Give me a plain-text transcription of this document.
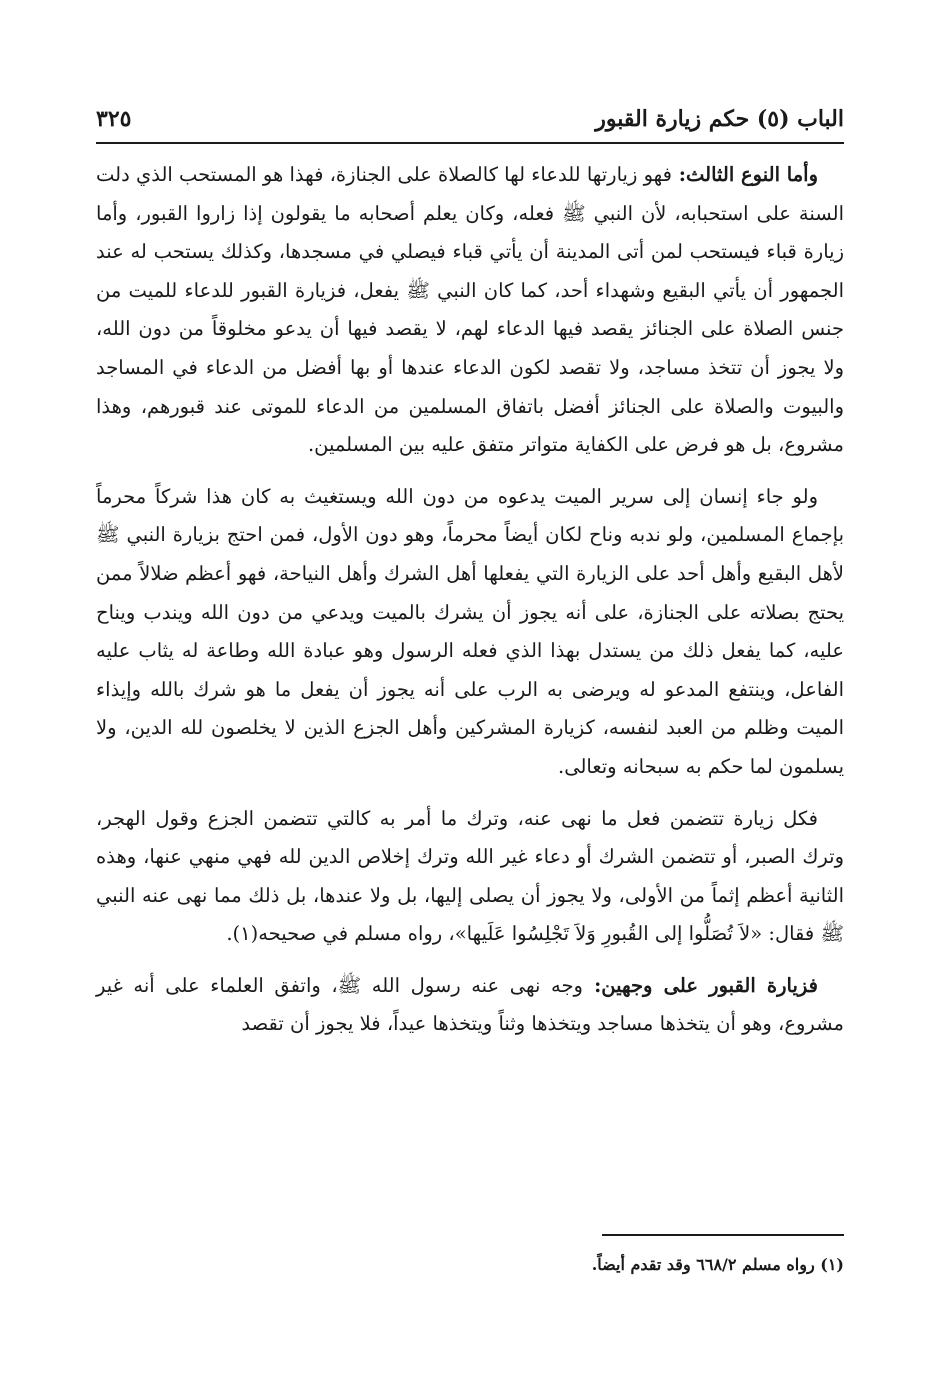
الباب (٥) حكم زيارة القبور
٣٢٥

وأما النوع الثالث: فهو زيارتها للدعاء لها كالصلاة على الجنازة، فهذا هو المستحب الذي دلت السنة على استحبابه، لأن النبي ﷺ فعله، وكان يعلم أصحابه ما يقولون إذا زاروا القبور، وأما زيارة قباء فيستحب لمن أتى المدينة أن يأتي قباء فيصلي في مسجدها، وكذلك يستحب له عند الجمهور أن يأتي البقيع وشهداء أحد، كما كان النبي ﷺ يفعل، فزيارة القبور للدعاء للميت من جنس الصلاة على الجنائز يقصد فيها الدعاء لهم، لا يقصد فيها أن يدعو مخلوقاً من دون الله، ولا يجوز أن تتخذ مساجد، ولا تقصد لكون الدعاء عندها أو بها أفضل من الدعاء في المساجد والبيوت والصلاة على الجنائز أفضل باتفاق المسلمين من الدعاء للموتى عند قبورهم، وهذا مشروع، بل هو فرض على الكفاية متواتر متفق عليه بين المسلمين.

ولو جاء إنسان إلى سرير الميت يدعوه من دون الله ويستغيث به كان هذا شركاً محرماً بإجماع المسلمين، ولو ندبه وناح لكان أيضاً محرماً، وهو دون الأول، فمن احتج بزيارة النبي ﷺ لأهل البقيع وأهل أحد على الزيارة التي يفعلها أهل الشرك وأهل النياحة، فهو أعظم ضلالاً ممن يحتج بصلاته على الجنازة، على أنه يجوز أن يشرك بالميت ويدعي من دون الله ويندب ويناح عليه، كما يفعل ذلك من يستدل بهذا الذي فعله الرسول وهو عبادة الله وطاعة له يثاب عليه الفاعل، وينتفع المدعو له ويرضى به الرب على أنه يجوز أن يفعل ما هو شرك بالله وإيذاء الميت وظلم من العبد لنفسه، كزيارة المشركين وأهل الجزع الذين لا يخلصون لله الدين، ولا يسلمون لما حكم به سبحانه وتعالى.

فكل زيارة تتضمن فعل ما نهى عنه، وترك ما أمر به كالتي تتضمن الجزع وقول الهجر، وترك الصبر، أو تتضمن الشرك أو دعاء غير الله وترك إخلاص الدين لله فهي منهي عنها، وهذه الثانية أعظم إثماً من الأولى، ولا يجوز أن يصلى إليها، بل ولا عندها، بل ذلك مما نهى عنه النبي ﷺ فقال: «لاَ تُصَلُّوا إلى القُبورِ وَلاَ تَجْلِسُوا عَلَيها»، رواه مسلم في صحيحه(١).

فزيارة القبور على وجهين: وجه نهى عنه رسول الله ﷺ، واتفق العلماء على أنه غير مشروع، وهو أن يتخذها مساجد ويتخذها وثناً ويتخذها عيداً، فلا يجوز أن تقصد

(١) رواه مسلم ٦٦٨/٢ وقد تقدم أيضاً.
